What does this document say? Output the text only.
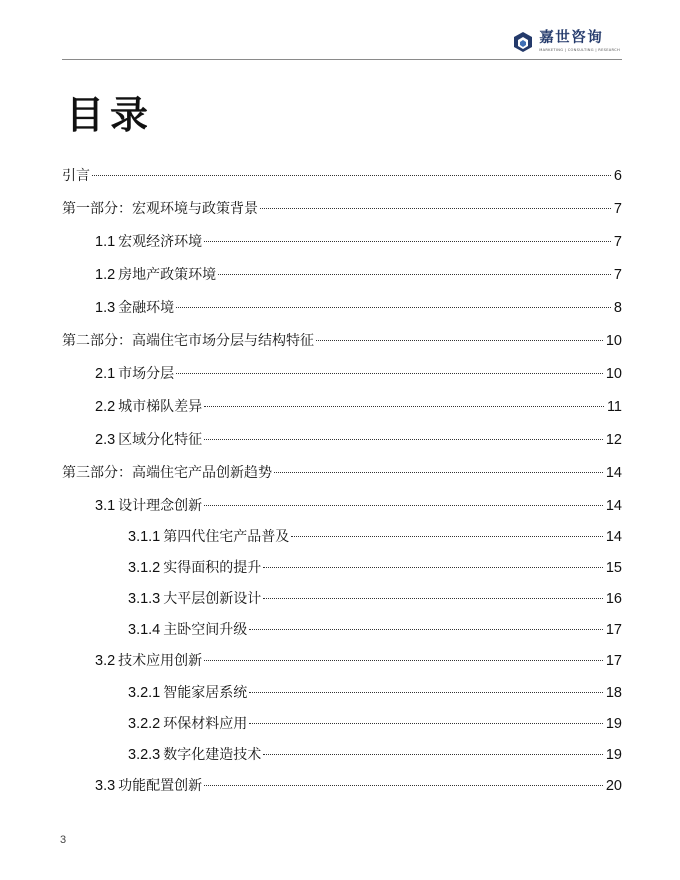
嘉世咨询
MARKETING | CONSULTING | RESEARCH
目录
引言	6
第一部分：宏观环境与政策背景	7
1.1 宏观经济环境	7
1.2 房地产政策环境	7
1.3 金融环境	8
第二部分：高端住宅市场分层与结构特征	10
2.1 市场分层	10
2.2 城市梯队差异	11
2.3 区域分化特征	12
第三部分：高端住宅产品创新趋势	14
3.1 设计理念创新	14
3.1.1 第四代住宅产品普及	14
3.1.2 实得面积的提升	15
3.1.3 大平层创新设计	16
3.1.4 主卧空间升级	17
3.2 技术应用创新	17
3.2.1 智能家居系统	18
3.2.2 环保材料应用	19
3.2.3 数字化建造技术	19
3.3 功能配置创新	20
3
